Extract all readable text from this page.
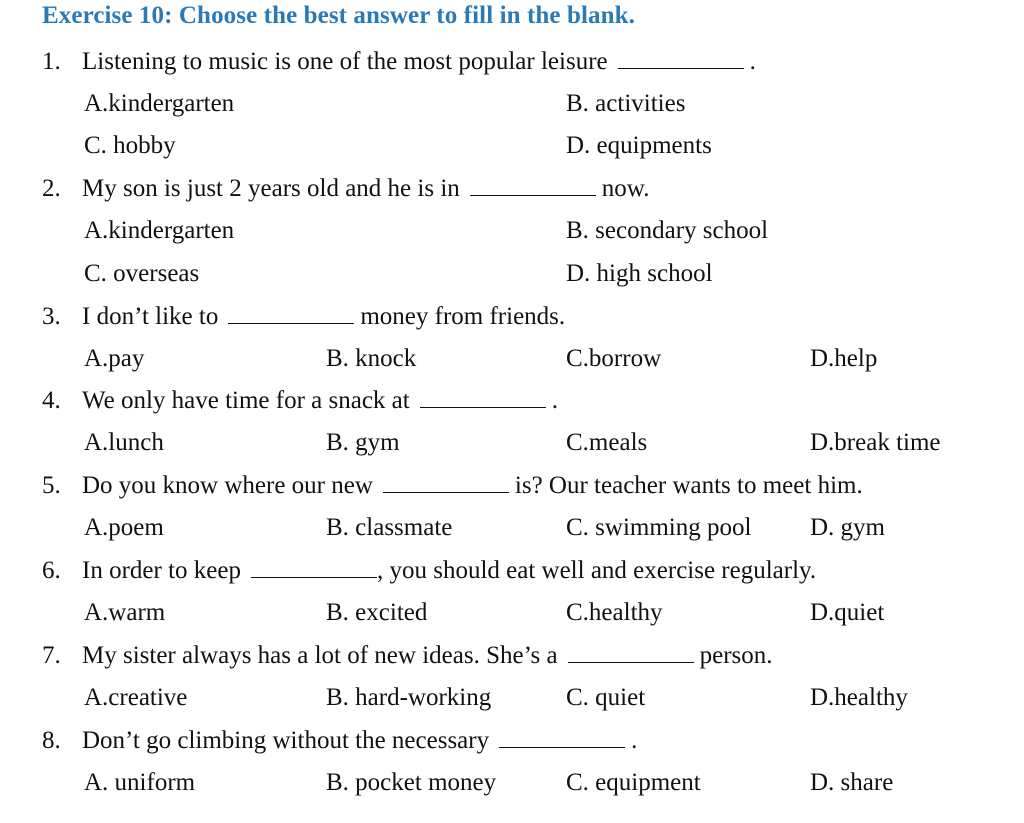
Exercise 10: Choose the best answer to fill in the blank.
1. Listening to music is one of the most popular leisure	.
A.kindergarten	B. activities
C. hobby	D. equipments
2. My son is just 2 years old and he is in	now.
A.kindergarten	B. secondary school
C. overseas	D. high school
3. I don’t like to	money from friends.
A.pay	B. knock	C.borrow	D.help
4. We only have time for a snack at	.
A.lunch	B. gym	C.meals	D.break time
5. Do you know where our new	is? Our teacher wants to meet him.
A.poem	B. classmate	C. swimming pool D. gym
6. In order to keep	, you should eat well and exercise regularly.
A.warm	B. excited	C.healthy	D.quiet
7. My sister always has a lot of new ideas. She’s a	person.
A.creative	B. hard-working	C. quiet	D.healthy
8. Don’t go climbing without the necessary	.
A. uniform	B. pocket money	C. equipment	D. share
